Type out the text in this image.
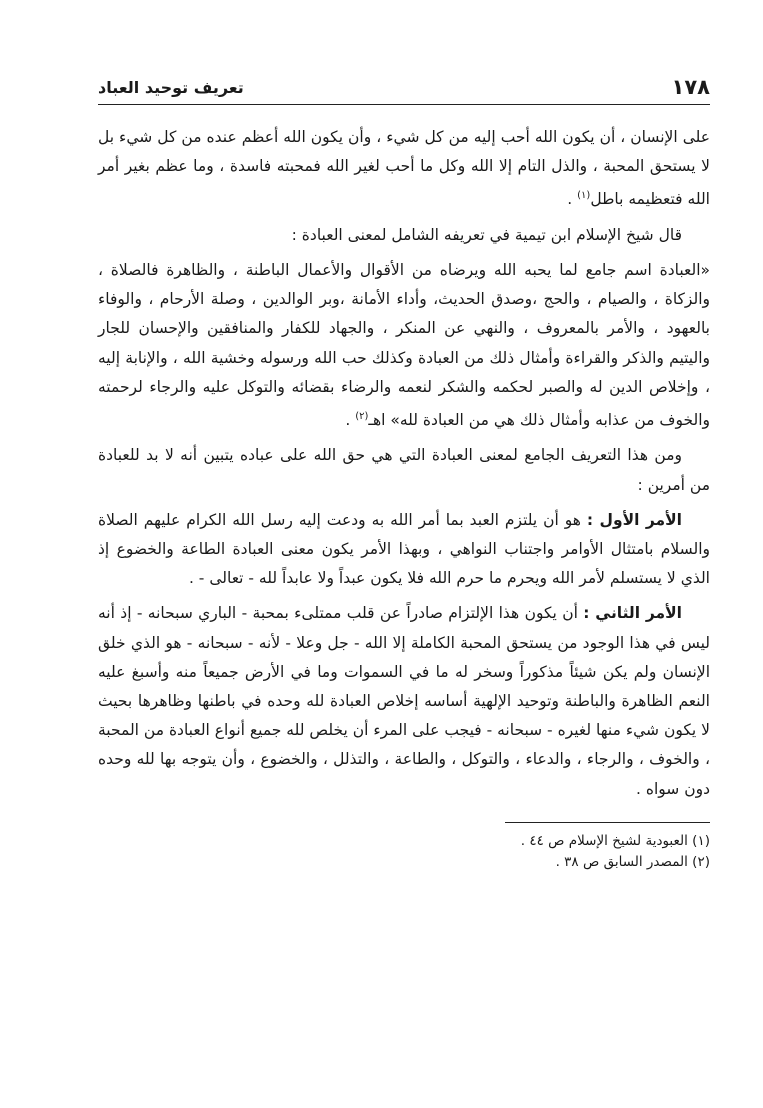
١٧٨
تعريف توحيد العباد

على الإنسان ، أن يكون الله أحب إليه من كل شيء ، وأن يكون الله أعظم عنده من كل شيء بل لا يستحق المحبة ، والذل التام إلا الله وكل ما أحب لغير الله فمحبته فاسدة ، وما عظم بغير أمر الله فتعظيمه باطل$^{(١)}$ .

قال شيخ الإسلام ابن تيمية في تعريفه الشامل لمعنى العبادة :

«العبادة اسم جامع لما يحبه الله ويرضاه من الأقوال والأعمال الباطنة ، والظاهرة فالصلاة ، والزكاة ، والصيام ، والحج ،وصدق الحديث، وأداء الأمانة ،وبر الوالدين ، وصلة الأرحام ، والوفاء بالعهود ، والأمر بالمعروف ، والنهي عن المنكر ، والجهاد للكفار والمنافقين والإحسان للجار واليتيم والذكر والقراءة وأمثال ذلك من العبادة وكذلك حب الله ورسوله وخشية الله ، والإنابة إليه ، وإخلاص الدين له والصبر لحكمه والشكر لنعمه والرضاء بقضائه والتوكل عليه والرجاء لرحمته والخوف من عذابه وأمثال ذلك هي من العبادة لله» اهـ$^{(٢)}$ .

ومن هذا التعريف الجامع لمعنى العبادة التي هي حق الله على عباده يتبين أنه لا بد للعبادة من أمرين :

الأمر الأول : هو أن يلتزم العبد بما أمر الله به ودعت إليه رسل الله الكرام عليهم الصلاة والسلام بامتثال الأوامر واجتناب النواهي ، وبهذا الأمر يكون معنى العبادة الطاعة والخضوع إذ الذي لا يستسلم لأمر الله ويحرم ما حرم الله فلا يكون عبداً ولا عابداً لله - تعالى - .

الأمر الثاني : أن يكون هذا الإلتزام صادراً عن قلب ممتلىء بمحبة - الباري سبحانه - إذ أنه ليس في هذا الوجود من يستحق المحبة الكاملة إلا الله - جل وعلا - لأنه - سبحانه - هو الذي خلق الإنسان ولم يكن شيئاً مذكوراً وسخر له ما في السموات وما في الأرض جميعاً منه وأسبغ عليه النعم الظاهرة والباطنة وتوحيد الإلهية أساسه إخلاص العبادة لله وحده في باطنها وظاهرها بحيث لا يكون شيء منها لغيره - سبحانه - فيجب على المرء أن يخلص لله جميع أنواع العبادة من المحبة ، والخوف ، والرجاء ، والدعاء ، والتوكل ، والطاعة ، والتذلل ، والخضوع ، وأن يتوجه بها لله وحده دون سواه .

(١) العبودية لشيخ الإسلام ص ٤٤ .
(٢) المصدر السابق ص ٣٨ .
